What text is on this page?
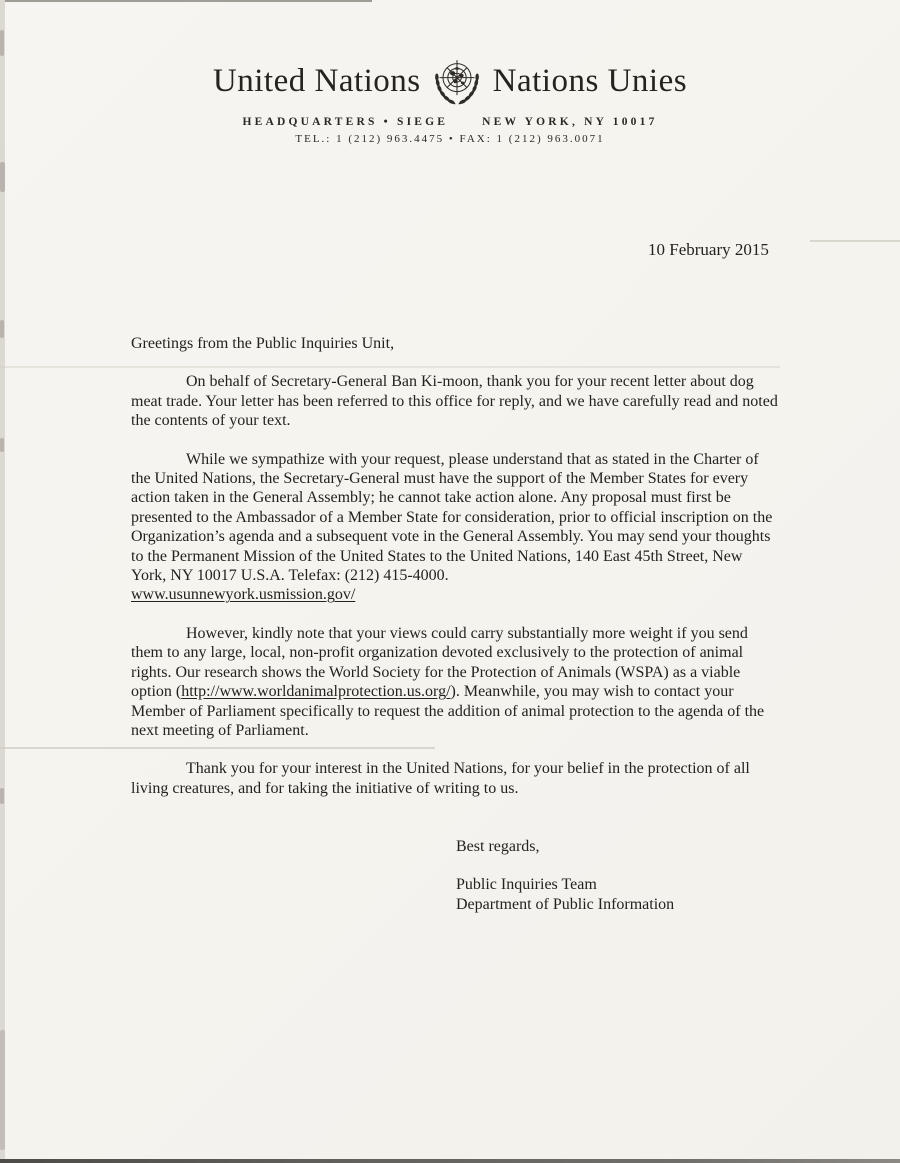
United Nations Nations Unies
HEADQUARTERS • SIEGE	NEW YORK, NY 10017
TEL.: 1 (212) 963.4475 • FAX: 1 (212) 963.0071
10 February 2015
Greetings from the Public Inquiries Unit,
On behalf of Secretary-General Ban Ki-moon, thank you for your recent letter about dog meat trade. Your letter has been referred to this office for reply, and we have carefully read and noted the contents of your text.
While we sympathize with your request, please understand that as stated in the Charter of the United Nations, the Secretary-General must have the support of the Member States for every action taken in the General Assembly; he cannot take action alone. Any proposal must first be presented to the Ambassador of a Member State for consideration, prior to official inscription on the Organization’s agenda and a subsequent vote in the General Assembly. You may send your thoughts to the Permanent Mission of the United States to the United Nations, 140 East 45th Street, New York, NY 10017 U.S.A. Telefax: (212) 415-4000.
www.usunnewyork.usmission.gov/
However, kindly note that your views could carry substantially more weight if you send them to any large, local, non-profit organization devoted exclusively to the protection of animal rights. Our research shows the World Society for the Protection of Animals (WSPA) as a viable option (http://www.worldanimalprotection.us.org/). Meanwhile, you may wish to contact your Member of Parliament specifically to request the addition of animal protection to the agenda of the next meeting of Parliament.
Thank you for your interest in the United Nations, for your belief in the protection of all living creatures, and for taking the initiative of writing to us.
Best regards,
Public Inquiries Team
Department of Public Information
